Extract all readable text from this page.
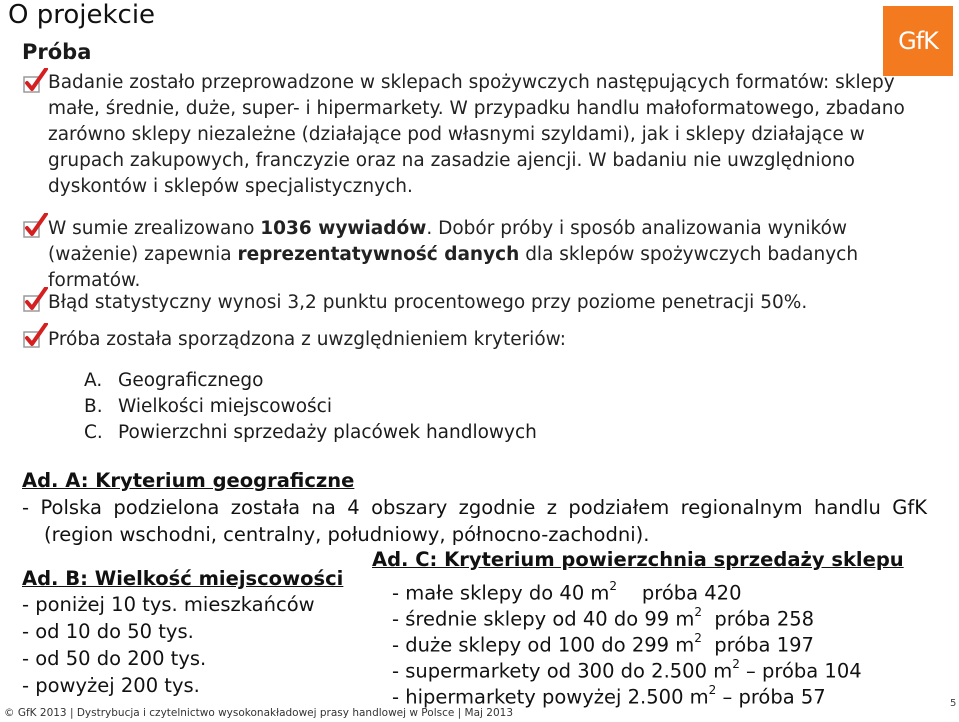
O projekcie
Próba	GfK
Badanie zostało przeprowadzone w sklepach spożywczych następujących formatów: sklepy małe, średnie, duże, super- i hipermarkety. W przypadku handlu małoformatowego, zbadano zarówno sklepy niezależne (działające pod własnymi szyldami), jak i sklepy działające w grupach zakupowych, franczyzie oraz na zasadzie ajencji. W badaniu nie uwzględniono dyskontów i sklepów specjalistycznych.
W sumie zrealizowano 1036 wywiadów. Dobór próby i sposób analizowania wyników (ważenie) zapewnia reprezentatywność danych dla sklepów spożywczych badanych formatów.
Błąd statystyczny wynosi 3,2 punktu procentowego przy poziome penetracji 50%.
Próba została sporządzona z uwzględnieniem kryteriów:
A. Geograficznego
B. Wielkości miejscowości
C. Powierzchni sprzedaży placówek handlowych
Ad. A: Kryterium geograficzne
- Polska podzielona została na 4 obszary zgodnie z podziałem regionalnym handlu GfK
(region wschodni, centralny, południowy, północno-zachodni).
Ad. B: Wielkość miejscowości
- poniżej 10 tys. mieszkańców
- od 10 do 50 tys.
- od 50 do 200 tys.
- powyżej 200 tys.
Ad. C: Kryterium powierzchnia sprzedaży sklepu
- małe sklepy do 40 $m^2$    próba 420
- średnie sklepy od 40 do 99 $m^2$  próba 258
- duże sklepy od 100 do 299 $m^2$  próba 197
- supermarkety od 300 do 2.500 $m^2$ – próba 104
- hipermarkety powyżej 2.500 $m^2$ – próba 57
© GfK 2013 | Dystrybucja i czytelnictwo wysokonakładowej prasy handlowej w Polsce | Maj 2013
5
